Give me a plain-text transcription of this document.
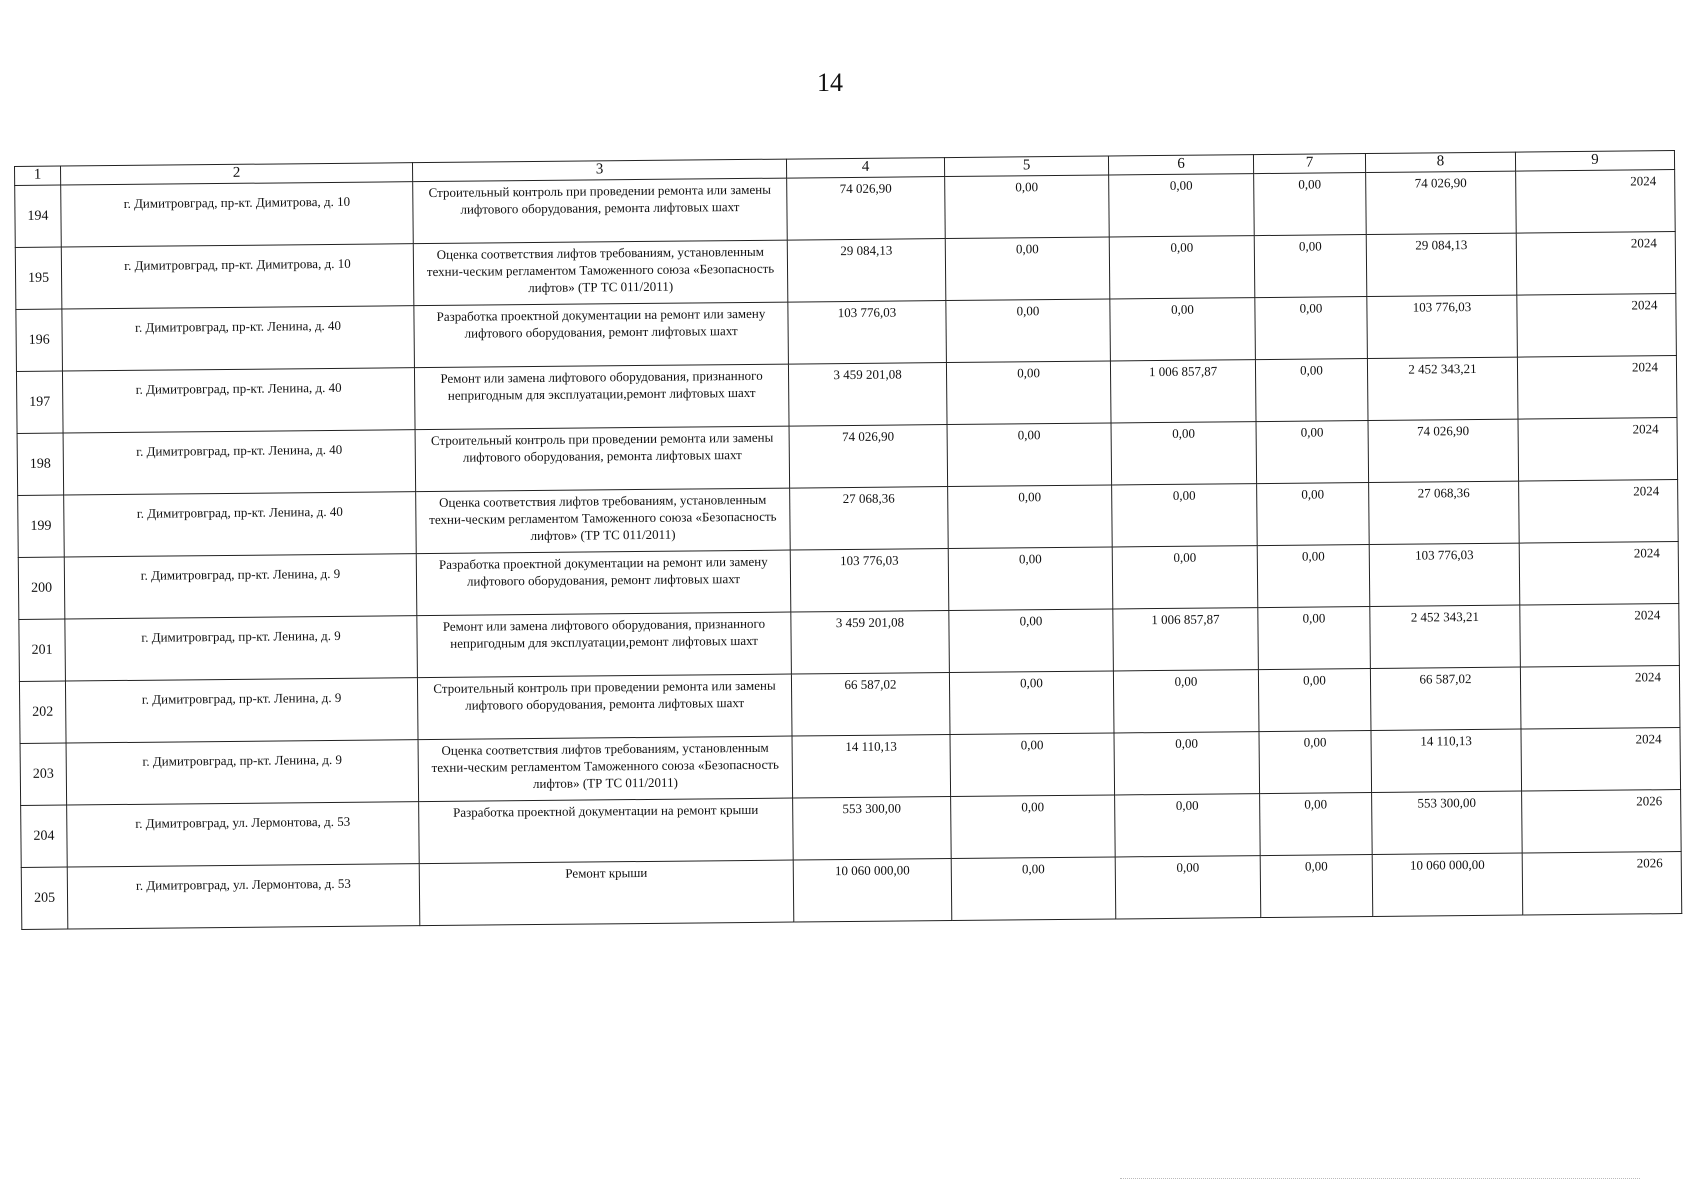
14
1	2	3	4	5	6	7	8	9
194	г. Димитровград, пр-кт. Димитрова, д. 10	Строительный контроль при проведении ремонта или замены лифтового оборудования, ремонта лифтовых шахт	74 026,90	0,00	0,00	0,00	74 026,90	2024
195	г. Димитровград, пр-кт. Димитрова, д. 10	Оценка соответствия лифтов требованиям, установленным техни-ческим регламентом Таможенного союза «Безопасность лифтов» (ТР ТС 011/2011)	29 084,13	0,00	0,00	0,00	29 084,13	2024
196	г. Димитровград, пр-кт. Ленина, д. 40	Разработка проектной документации на ремонт или замену лифтового оборудования, ремонт лифтовых шахт	103 776,03	0,00	0,00	0,00	103 776,03	2024
197	г. Димитровград, пр-кт. Ленина, д. 40	Ремонт или замена лифтового оборудования, признанного непригодным для эксплуатации,ремонт лифтовых шахт	3 459 201,08	0,00	1 006 857,87	0,00	2 452 343,21	2024
198	г. Димитровград, пр-кт. Ленина, д. 40	Строительный контроль при проведении ремонта или замены лифтового оборудования, ремонта лифтовых шахт	74 026,90	0,00	0,00	0,00	74 026,90	2024
199	г. Димитровград, пр-кт. Ленина, д. 40	Оценка соответствия лифтов требованиям, установленным техни-ческим регламентом Таможенного союза «Безопасность лифтов» (ТР ТС 011/2011)	27 068,36	0,00	0,00	0,00	27 068,36	2024
200	г. Димитровград, пр-кт. Ленина, д. 9	Разработка проектной документации на ремонт или замену лифтового оборудования, ремонт лифтовых шахт	103 776,03	0,00	0,00	0,00	103 776,03	2024
201	г. Димитровград, пр-кт. Ленина, д. 9	Ремонт или замена лифтового оборудования, признанного непригодным для эксплуатации,ремонт лифтовых шахт	3 459 201,08	0,00	1 006 857,87	0,00	2 452 343,21	2024
202	г. Димитровград, пр-кт. Ленина, д. 9	Строительный контроль при проведении ремонта или замены лифтового оборудования, ремонта лифтовых шахт	66 587,02	0,00	0,00	0,00	66 587,02	2024
203	г. Димитровград, пр-кт. Ленина, д. 9	Оценка соответствия лифтов требованиям, установленным техни-ческим регламентом Таможенного союза «Безопасность лифтов» (ТР ТС 011/2011)	14 110,13	0,00	0,00	0,00	14 110,13	2024
204	г. Димитровград, ул. Лермонтова, д. 53	Разработка проектной документации на ремонт крыши	553 300,00	0,00	0,00	0,00	553 300,00	2026
205	г. Димитровград, ул. Лермонтова, д. 53	Ремонт крыши	10 060 000,00	0,00	0,00	0,00	10 060 000,00	2026
